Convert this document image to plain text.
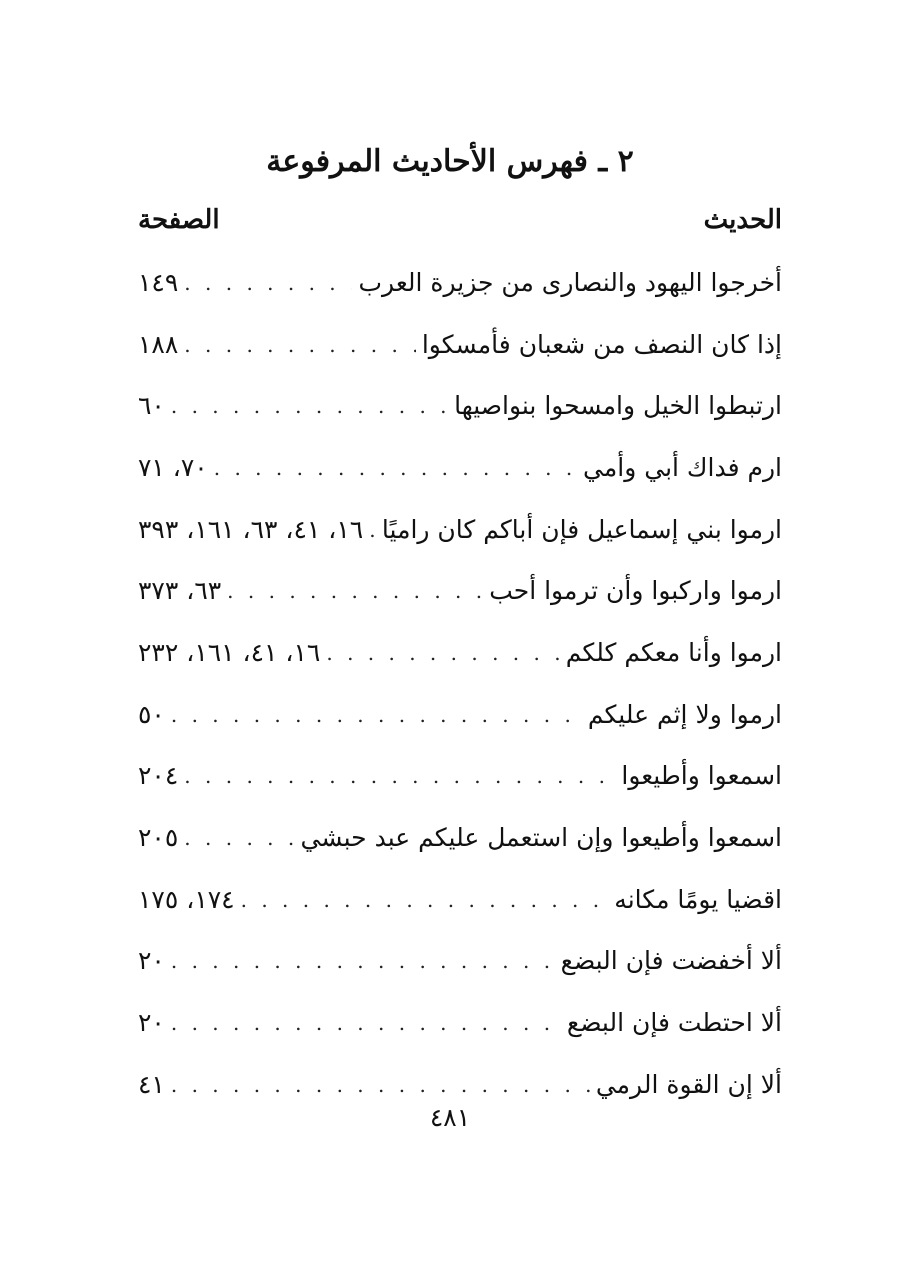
٢ ـ فهرس الأحاديث المرفوعة
الحديث
الصفحة
أخرجوا اليهود والنصارى من جزيرة العرب
. . .
١٤٩
إذا كان النصف من شعبان فأمسكوا
. . .
١٨٨
ارتبطوا الخيل وامسحوا بنواصيها
. . .
٦٠
ارم فداك أبي وأمي
. . .
٧٠، ٧١
ارموا بني إسماعيل فإن أباكم كان راميًا
. . .
١٦، ٤١، ٦٣، ١٦١، ٣٩٣
ارموا واركبوا وأن ترموا أحب
. . .
٦٣، ٣٧٣
ارموا وأنا معكم كلكم
. . .
١٦، ٤١، ١٦١، ٢٣٢
ارموا ولا إثم عليكم
. . .
٥٠
اسمعوا وأطيعوا
. . .
٢٠٤
اسمعوا وأطيعوا وإن استعمل عليكم عبد حبشي
. . .
٢٠٥
اقضيا يومًا مكانه
. . .
١٧٤، ١٧٥
ألا أخفضت فإن البضع
. . .
٢٠
ألا احتطت فإن البضع
. . .
٢٠
ألا إن القوة الرمي
. . .
٤١
٤٨١
